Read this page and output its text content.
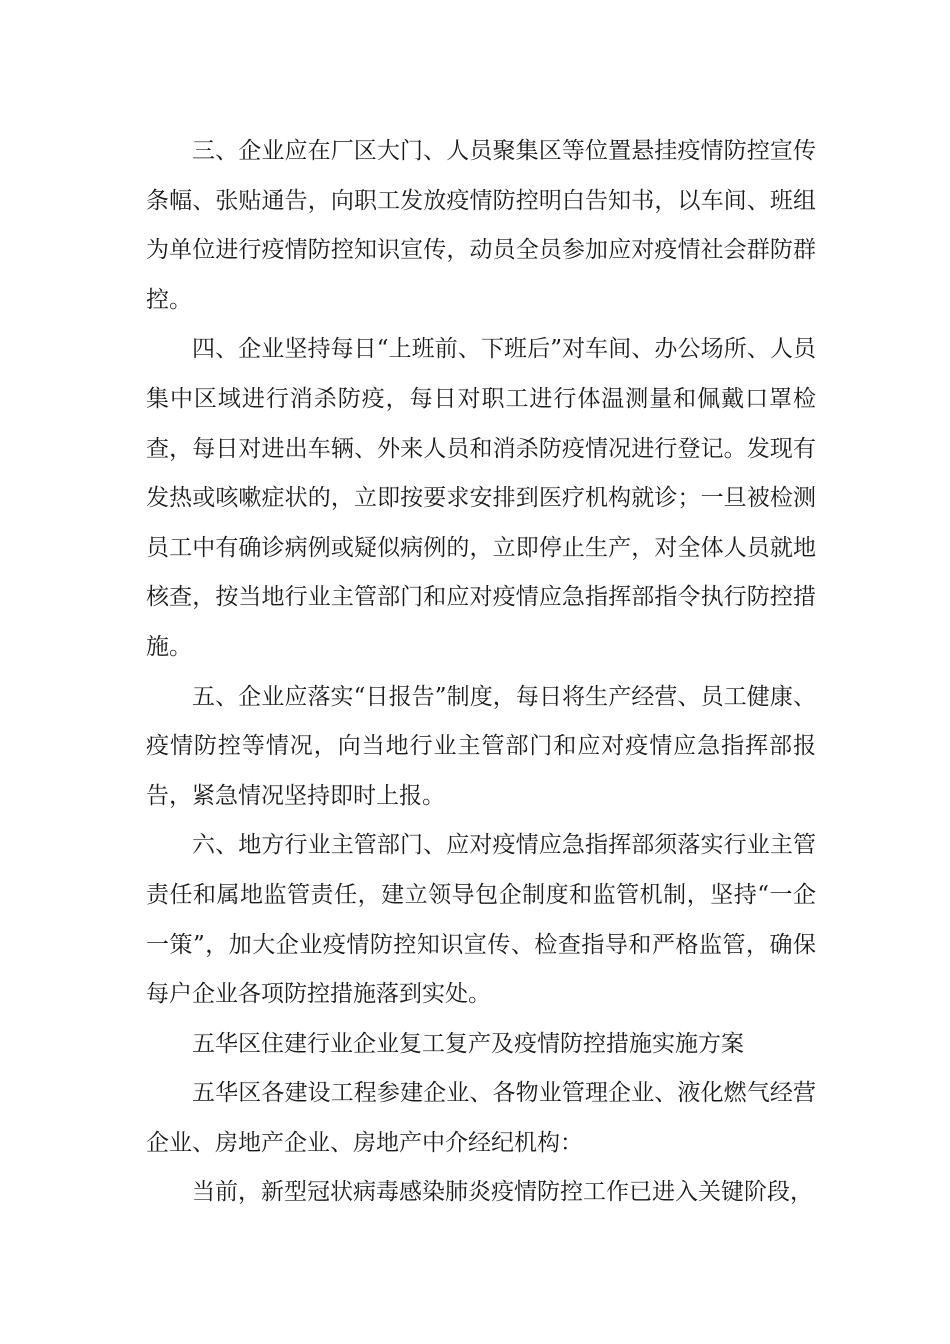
三、企业应在厂区大门、人员聚集区等位置悬挂疫情防控宣传条幅、张贴通告，向职工发放疫情防控明白告知书，以车间、班组为单位进行疫情防控知识宣传，动员全员参加应对疫情社会群防群控。

四、企业坚持每日“上班前、下班后”对车间、办公场所、人员集中区域进行消杀防疫，每日对职工进行体温测量和佩戴口罩检查，每日对进出车辆、外来人员和消杀防疫情况进行登记。发现有发热或咳嗽症状的，立即按要求安排到医疗机构就诊；一旦被检测员工中有确诊病例或疑似病例的，立即停止生产，对全体人员就地核查，按当地行业主管部门和应对疫情应急指挥部指令执行防控措施。

五、企业应落实“日报告”制度，每日将生产经营、员工健康、疫情防控等情况，向当地行业主管部门和应对疫情应急指挥部报告，紧急情况坚持即时上报。

六、地方行业主管部门、应对疫情应急指挥部须落实行业主管责任和属地监管责任，建立领导包企制度和监管机制，坚持“一企一策”，加大企业疫情防控知识宣传、检查指导和严格监管，确保每户企业各项防控措施落到实处。

五华区住建行业企业复工复产及疫情防控措施实施方案

五华区各建设工程参建企业、各物业管理企业、液化燃气经营企业、房地产企业、房地产中介经纪机构：

当前，新型冠状病毒感染肺炎疫情防控工作已进入关键阶段，
